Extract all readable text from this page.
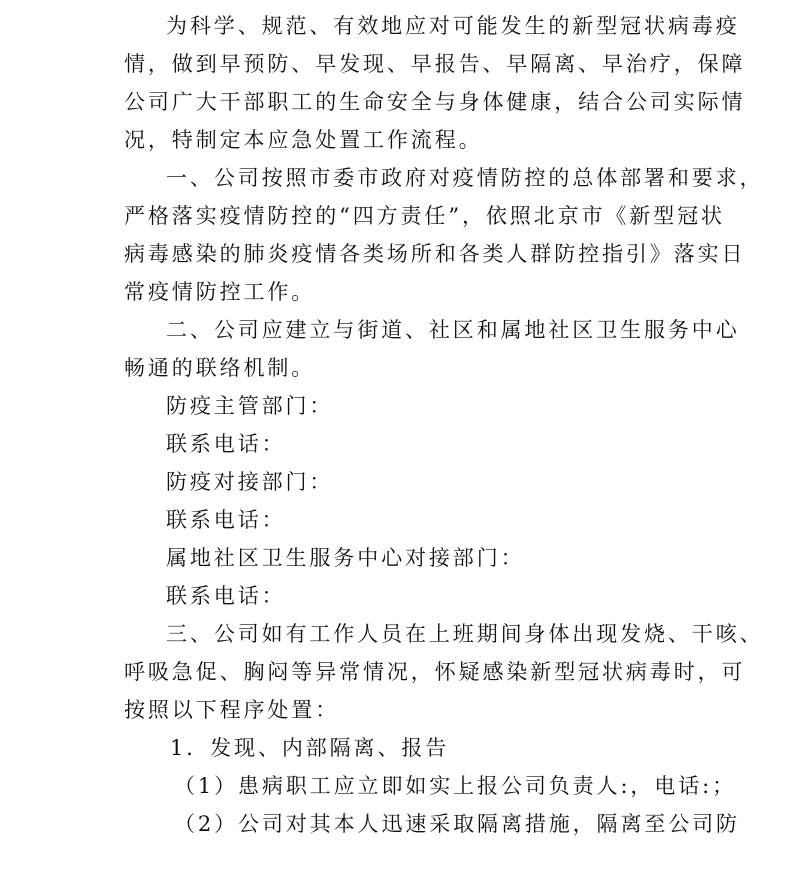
为科学、规范、有效地应对可能发生的新型冠状病毒疫
情，做到早预防、早发现、早报告、早隔离、早治疗，保障
公司广大干部职工的生命安全与身体健康，结合公司实际情
况，特制定本应急处置工作流程。
一、公司按照市委市政府对疫情防控的总体部署和要求，
严格落实疫情防控的“四方责任”，依照北京市《新型冠状
病毒感染的肺炎疫情各类场所和各类人群防控指引》落实日
常疫情防控工作。
二、公司应建立与街道、社区和属地社区卫生服务中心
畅通的联络机制。
防疫主管部门：
联系电话：
防疫对接部门：
联系电话：
属地社区卫生服务中心对接部门：
联系电话：
三、公司如有工作人员在上班期间身体出现发烧、干咳、
呼吸急促、胸闷等异常情况，怀疑感染新型冠状病毒时，可
按照以下程序处置：
1．发现、内部隔离、报告
（1）患病职工应立即如实上报公司负责人:，电话:；
（2）公司对其本人迅速采取隔离措施，隔离至公司防
